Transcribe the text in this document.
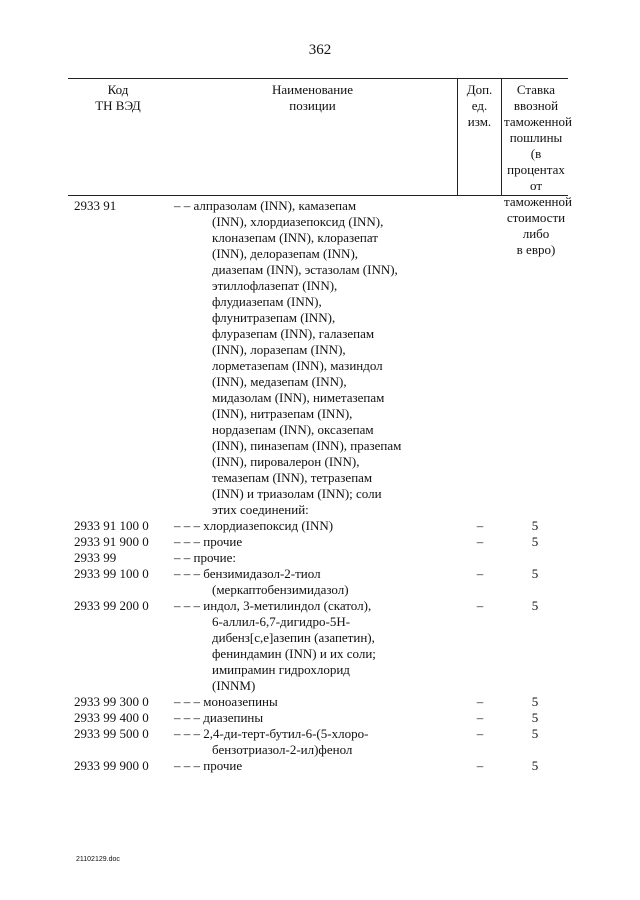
362
Код
ТН ВЭД
Наименование
позиции
Доп.
ед.
изм.
Ставка ввозной
таможенной
пошлины
(в процентах от
таможенной
стоимости либо
в евро)
2933 91	– – алпразолам (INN), камазепам
(INN), хлордиазепоксид (INN),
клоназепам (INN), клоразепат
(INN), делоразепам (INN),
диазепам (INN), эстазолам (INN),
этиллофлазепат (INN),
флудиазепам (INN),
флунитразепам (INN),
флуразепам (INN), галазепам
(INN), лоразепам (INN),
лорметазепам (INN), мазиндол
(INN), медазепам (INN),
мидазолам (INN), ниметазепам
(INN), нитразепам (INN),
нордазепам (INN), оксазепам
(INN), пиназепам (INN), празепам
(INN), пировалерон (INN),
темазепам (INN), тетразепам
(INN) и триазолам (INN); соли
этих соединений:
2933 91 100 0	– – – хлордиазепоксид (INN)	–	5
2933 91 900 0	– – – прочие	–	5
2933 99	– – прочие:
2933 99 100 0	– – – бензимидазол-2-тиол
(меркаптобензимидазол)
–	5
2933 99 200 0	– – – индол, 3-метилиндол (скатол),
6-аллил-6,7-дигидро-5Н-
дибенз[с,е]азепин (азапетин),
фениндамин (INN) и их соли;
имипрамин гидрохлорид
(INNM)
–	5
2933 99 300 0	– – – моноазепины	–	5
2933 99 400 0	– – – диазепины	–	5
2933 99 500 0	– – – 2,4-ди-терт-бутил-6-(5-хлоро-
бензотриазол-2-ил)фенол
–	5
2933 99 900 0	– – – прочие	–	5
21102129.doc
